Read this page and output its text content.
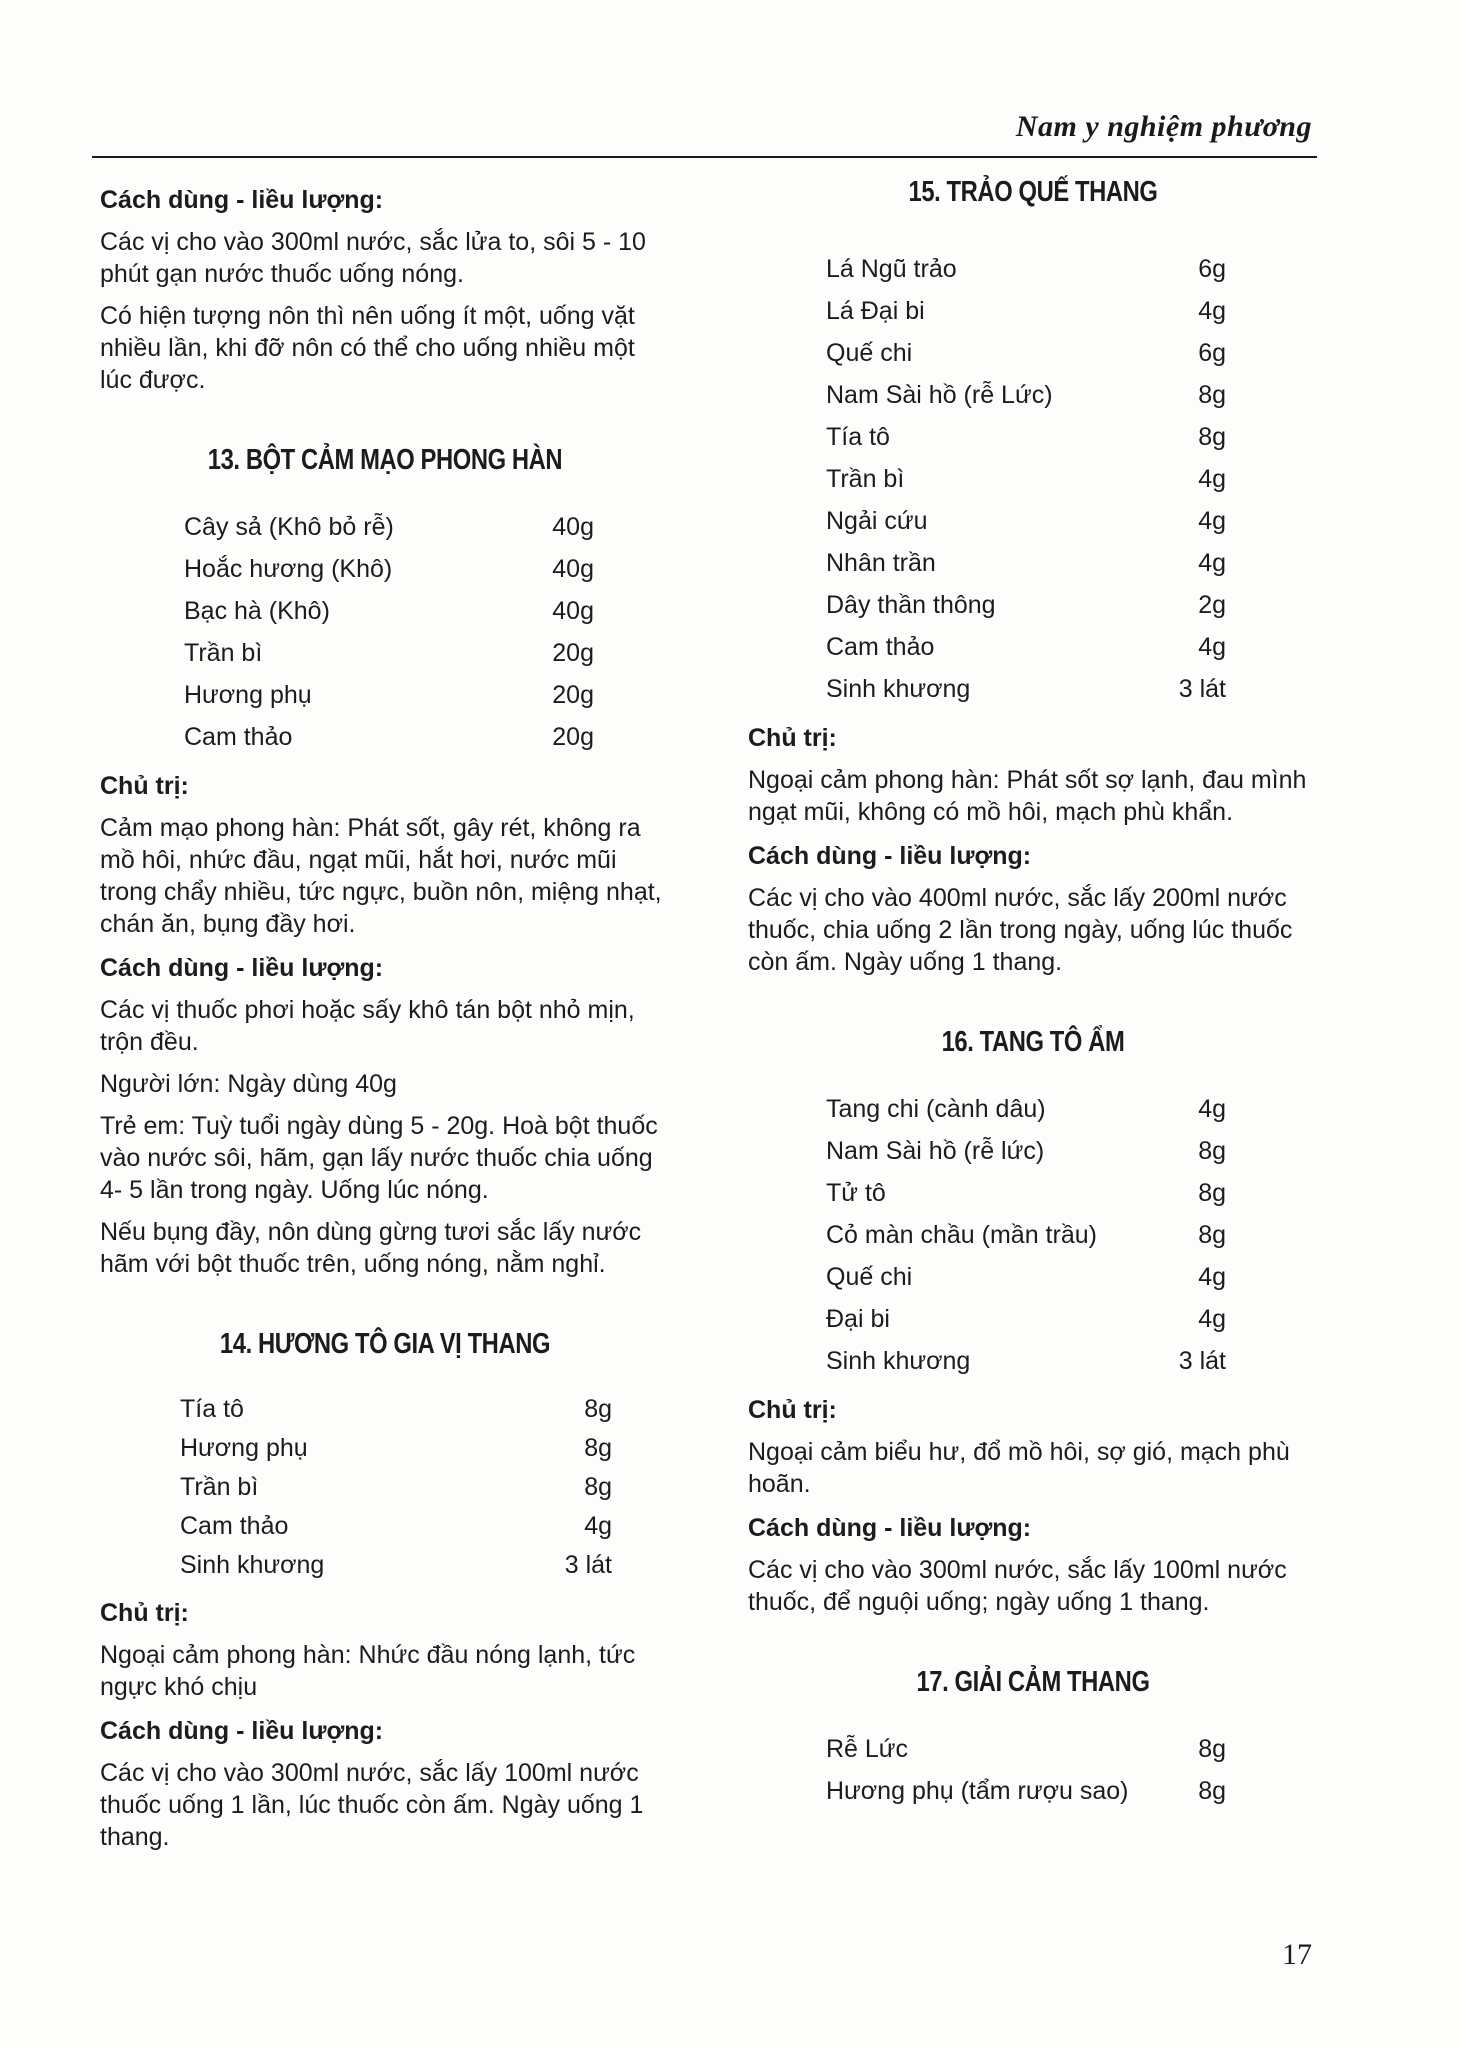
Nam y nghiệm phương
Cách dùng - liều lượng:

Các vị cho vào 300ml nước, sắc lửa to, sôi 5 - 10 phút gạn nước thuốc uống nóng.

Có hiện tượng nôn thì nên uống ít một, uống vặt nhiều lần, khi đỡ nôn có thể cho uống nhiều một lúc được.

13. BỘT CẢM MẠO PHONG HÀN
Cây sả (Khô bỏ rễ)	40g
Hoắc hương (Khô)	40g
Bạc hà (Khô)	40g
Trần bì	20g
Hương phụ	20g
Cam thảo	20g
Chủ trị:

Cảm mạo phong hàn: Phát sốt, gây rét, không ra mồ hôi, nhức đầu, ngạt mũi, hắt hơi, nước mũi trong chẩy nhiều, tức ngực, buồn nôn, miệng nhạt, chán ăn, bụng đầy hơi.

Cách dùng - liều lượng:

Các vị thuốc phơi hoặc sấy khô tán bột nhỏ mịn, trộn đều.

Người lớn: Ngày dùng 40g

Trẻ em: Tuỳ tuổi ngày dùng 5 - 20g. Hoà bột thuốc vào nước sôi, hãm, gạn lấy nước thuốc chia uống 4- 5 lần trong ngày. Uống lúc nóng.

Nếu bụng đầy, nôn dùng gừng tươi sắc lấy nước hãm với bột thuốc trên, uống nóng, nằm nghỉ.

14. HƯƠNG TÔ GIA VỊ THANG
Tía tô	8g
Hương phụ	8g
Trần bì	8g
Cam thảo	4g
Sinh khương	3 lát
Chủ trị:

Ngoại cảm phong hàn: Nhức đầu nóng lạnh, tức ngực khó chịu

Cách dùng - liều lượng:

Các vị cho vào 300ml nước, sắc lấy 100ml nước thuốc uống 1 lần, lúc thuốc còn ấm. Ngày uống 1 thang.

15. TRẢO QUẾ THANG
Lá Ngũ trảo	6g
Lá Đại bi	4g
Quế chi	6g
Nam Sài hồ (rễ Lức)	8g
Tía tô	8g
Trần bì	4g
Ngải cứu	4g
Nhân trần	4g
Dây thần thông	2g
Cam thảo	4g
Sinh khương	3 lát
Chủ trị:

Ngoại cảm phong hàn: Phát sốt sợ lạnh, đau mình ngạt mũi, không có mồ hôi, mạch phù khẩn.

Cách dùng - liều lượng:

Các vị cho vào 400ml nước, sắc lấy 200ml nước thuốc, chia uống 2 lần trong ngày, uống lúc thuốc còn ấm. Ngày uống 1 thang.

16. TANG TÔ ẨM
Tang chi (cành dâu)	4g
Nam Sài hồ (rễ lức)	8g
Tử tô	8g
Cỏ màn chầu (mần trầu)	8g
Quế chi	4g
Đại bi	4g
Sinh khương	3 lát
Chủ trị:

Ngoại cảm biểu hư, đổ mồ hôi, sợ gió, mạch phù hoãn.

Cách dùng - liều lượng:

Các vị cho vào 300ml nước, sắc lấy 100ml nước thuốc, để nguội uống; ngày uống 1 thang.

17. GIẢI CẢM THANG
Rễ Lức	8g
Hương phụ (tẩm rượu sao)	8g
17
